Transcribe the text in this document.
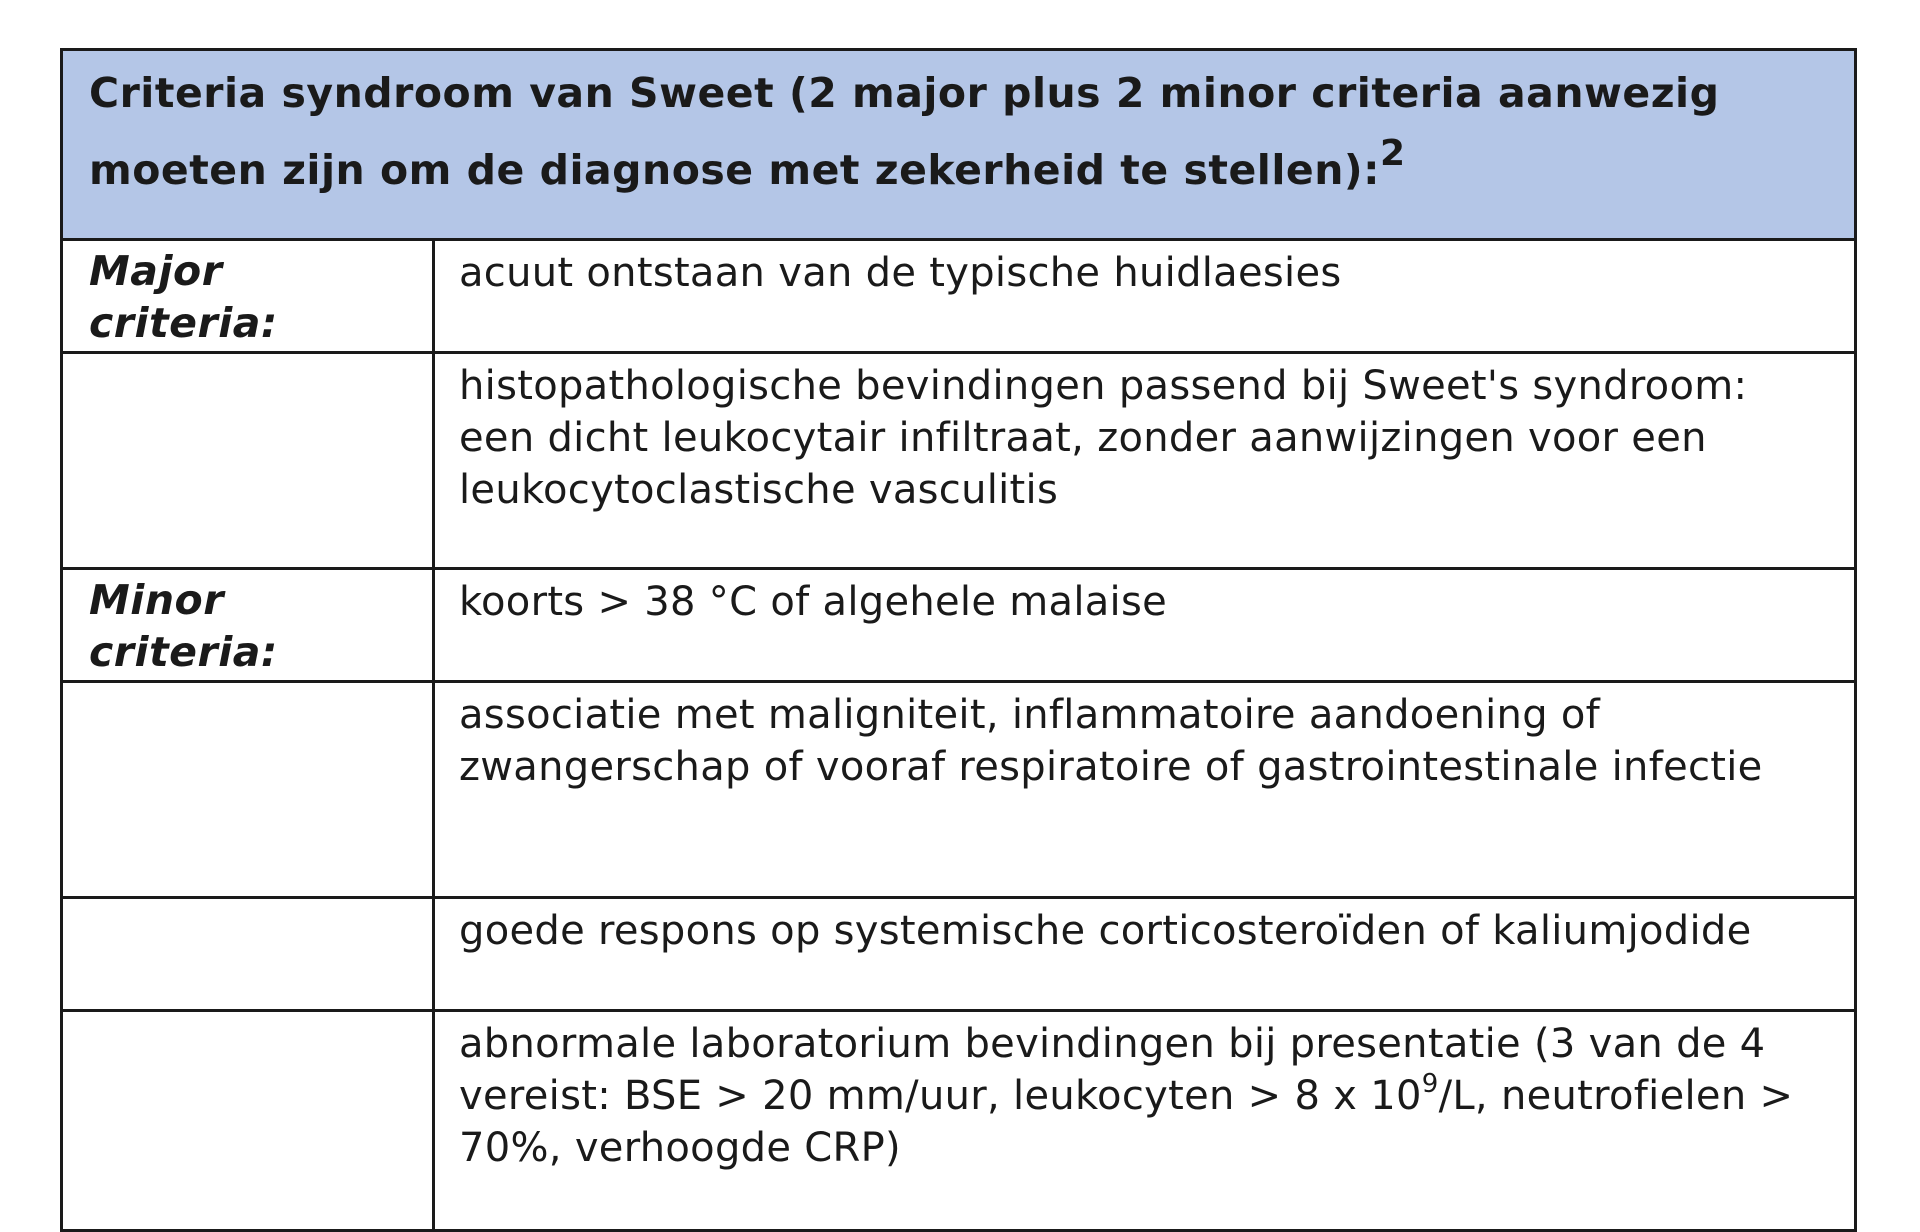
Criteria syndroom van Sweet (2 major plus 2 minor criteria aanwezig moeten zijn om de diagnose met zekerheid te stellen):$^2$
Major criteria:	acuut ontstaan van de typische huidlaesies
	histopathologische bevindingen passend bij Sweet's syndroom: een dicht leukocytair infiltraat, zonder aanwijzingen voor een leukocytoclastische vasculitis
Minor criteria:	koorts > 38 °C of algehele malaise
	associatie met maligniteit, inflammatoire aandoening of zwangerschap of vooraf respiratoire of gastrointestinale infectie
	goede respons op systemische corticosteroïden of kaliumjodide
	abnormale laboratorium bevindingen bij presentatie (3 van de 4 vereist: BSE > 20 mm/uur, leukocyten > 8 x $10^9/L$, neutrofielen > 70%, verhoogde CRP)
